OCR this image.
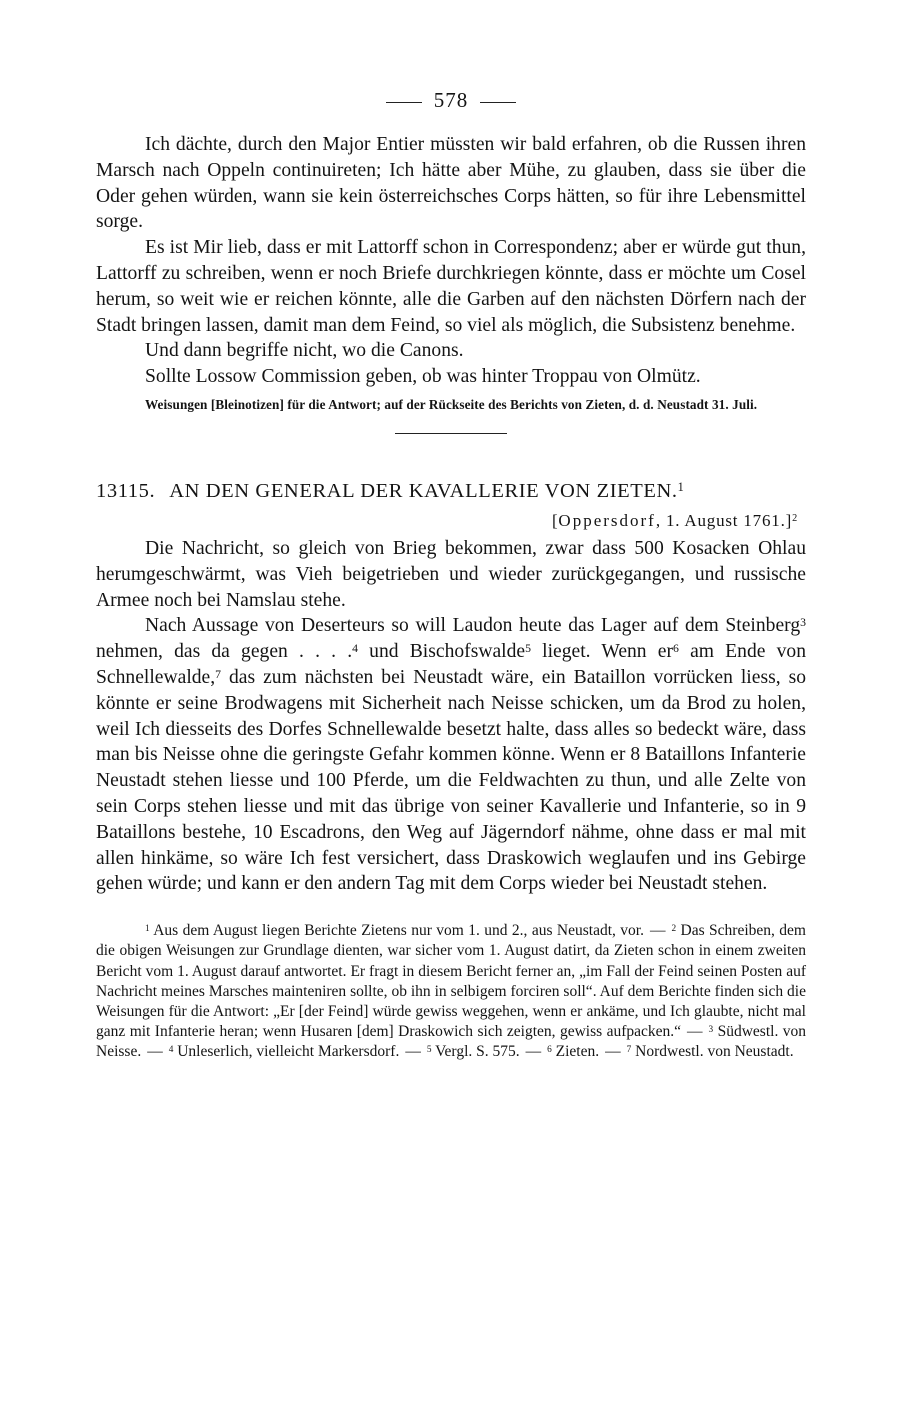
578

Ich dächte, durch den Major Entier müssten wir bald erfahren, ob die Russen ihren Marsch nach Oppeln continuireten; Ich hätte aber Mühe, zu glauben, dass sie über die Oder gehen würden, wann sie kein österreichsches Corps hätten, so für ihre Lebensmittel sorge.

Es ist Mir lieb, dass er mit Lattorff schon in Correspondenz; aber er würde gut thun, Lattorff zu schreiben, wenn er noch Briefe durchkriegen könnte, dass er möchte um Cosel herum, so weit wie er reichen könnte, alle die Garben auf den nächsten Dörfern nach der Stadt bringen lassen, damit man dem Feind, so viel als möglich, die Subsistenz benehme.

Und dann begriffe nicht, wo die Canons.

Sollte Lossow Commission geben, ob was hinter Troppau von Olmütz.

Weisungen [Bleinotizen] für die Antwort; auf der Rückseite des Berichts von Zieten, d. d. Neustadt 31. Juli.

13115. AN DEN GENERAL DER KAVALLERIE VON ZIETEN.$^1$
[Oppersdorf, 1. August 1761.]$^2$

Die Nachricht, so gleich von Brieg bekommen, zwar dass 500 Kosacken Ohlau herumgeschwärmt, was Vieh beigetrieben und wieder zurückgegangen, und russische Armee noch bei Namslau stehe.

Nach Aussage von Deserteurs so will Laudon heute das Lager auf dem Steinberg$^3$ nehmen, das da gegen . . . .$^4$ und Bischofswalde$^5$ lieget. Wenn $er^6$ am Ende von Schnellewalde,$^7$ das zum nächsten bei Neustadt wäre, ein Bataillon vorrücken liess, so könnte er seine Brodwagens mit Sicherheit nach Neisse schicken, um da Brod zu holen, weil Ich diesseits des Dorfes Schnellewalde besetzt halte, dass alles so bedeckt wäre, dass man bis Neisse ohne die geringste Gefahr kommen könne. Wenn er 8 Bataillons Infanterie Neustadt stehen liesse und 100 Pferde, um die Feldwachten zu thun, und alle Zelte von sein Corps stehen liesse und mit das übrige von seiner Kavallerie und Infanterie, so in 9 Bataillons bestehe, 10 Escadrons, den Weg auf Jägerndorf nähme, ohne dass er mal mit allen hinkäme, so wäre Ich fest versichert, dass Draskowich weglaufen und ins Gebirge gehen würde; und kann er den andern Tag mit dem Corps wieder bei Neustadt stehen.

$^1$ Aus dem August liegen Berichte Zietens nur vom 1. und 2., aus Neustadt, vor. — $^2$ Das Schreiben, dem die obigen Weisungen zur Grundlage dienten, war sicher vom 1. August datirt, da Zieten schon in einem zweiten Bericht vom 1. August darauf antwortet. Er fragt in diesem Bericht ferner an, „im Fall der Feind seinen Posten auf Nachricht meines Marsches mainteniren sollte, ob ihn in selbigem forciren soll“. Auf dem Berichte finden sich die Weisungen für die Antwort: „Er [der Feind] würde gewiss weggehen, wenn er ankäme, und Ich glaubte, nicht mal ganz mit Infanterie heran; wenn Husaren [dem] Draskowich sich zeigten, gewiss aufpacken.“ — $^3$ Südwestl. von Neisse. — $^4$ Unleserlich, vielleicht Markersdorf. — $^5$ Vergl. S. 575. — $^6$ Zieten. — $^7$ Nordwestl. von Neustadt.
